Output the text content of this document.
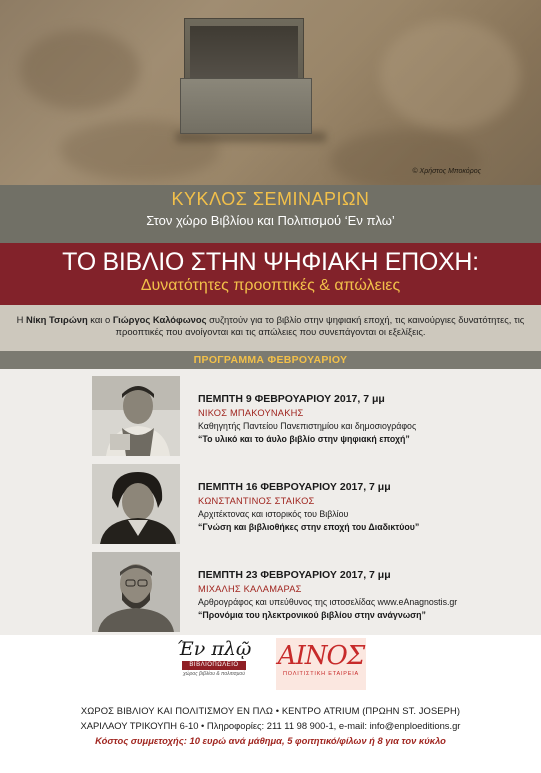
© Χρήστος Μποκόρος
ΚΥΚΛΟΣ ΣΕΜΙΝΑΡΙΩΝ
Στον χώρο Βιβλίου και Πολιτισμού ‘Εν πλω’
ΤΟ ΒΙΒΛΙΟ ΣΤΗΝ ΨΗΦΙΑΚΗ ΕΠΟΧΗ:
Δυνατότητες προοπτικές & απώλειες
Η Νίκη Τσιρώνη και ο Γιώργος Καλόφωνος συζητούν για το βιβλίο στην ψηφιακή εποχή, τις καινούργιες δυνατότητες, τις προοπτικές που ανοίγονται και τις απώλειες που συνεπάγονται οι εξελίξεις.
ΠΡΟΓΡΑΜΜΑ ΦΕΒΡΟΥΑΡΙΟΥ
ΠΕΜΠΤΗ 9 ΦΕΒΡΟΥΑΡΙΟΥ 2017, 7 μμ
ΝΙΚΟΣ ΜΠΑΚΟΥΝΑΚΗΣ
Καθηγητής Παντείου Πανεπιστημίου και δημοσιογράφος
“Το υλικό και το άυλο βιβλίο στην ψηφιακή εποχή”
ΠΕΜΠΤΗ 16 ΦΕΒΡΟΥΑΡΙΟΥ 2017, 7 μμ
ΚΩΝΣΤΑΝΤΙΝΟΣ ΣΤΑΙΚΟΣ
Αρχιτέκτονας και ιστορικός του Βιβλίου
“Γνώση και βιβλιοθήκες στην εποχή του Διαδικτύου”
ΠΕΜΠΤΗ 23 ΦΕΒΡΟΥΑΡΙΟΥ 2017, 7 μμ
ΜΙΧΑΛΗΣ ΚΑΛΑΜΑΡΑΣ
Αρθρογράφος και υπεύθυνος της ιστοσελίδας www.eAnagnostis.gr
“Προνόμια του ηλεκτρονικού βιβλίου στην ανάγνωση”
Έν πλῷ
ΒΙΒΛΙΟΠΩΛΕΙΟ
χώρος βιβλίου & πολιτισμού
ΑΙΝΟΣ
ΠΟΛΙΤΙΣΤΙΚΗ ΕΤΑΙΡΕΙΑ
ΧΩΡΟΣ ΒΙΒΛΙΟΥ ΚΑΙ ΠΟΛΙΤΙΣΜΟΥ ΕΝ ΠΛΩ • ΚΕΝΤΡΟ ATRIUM (ΠΡΩΗΝ ST. JOSEPH)
ΧΑΡΙΛΑΟΥ ΤΡΙΚΟΥΠΗ 6-10 • Πληροφορίες: 211 11 98 900-1, e-mail: info@enploeditions.gr
Κόστος συμμετοχής: 10 ευρώ ανά μάθημα, 5 φοιτητικό/φίλων ή 8 για τον κύκλο
